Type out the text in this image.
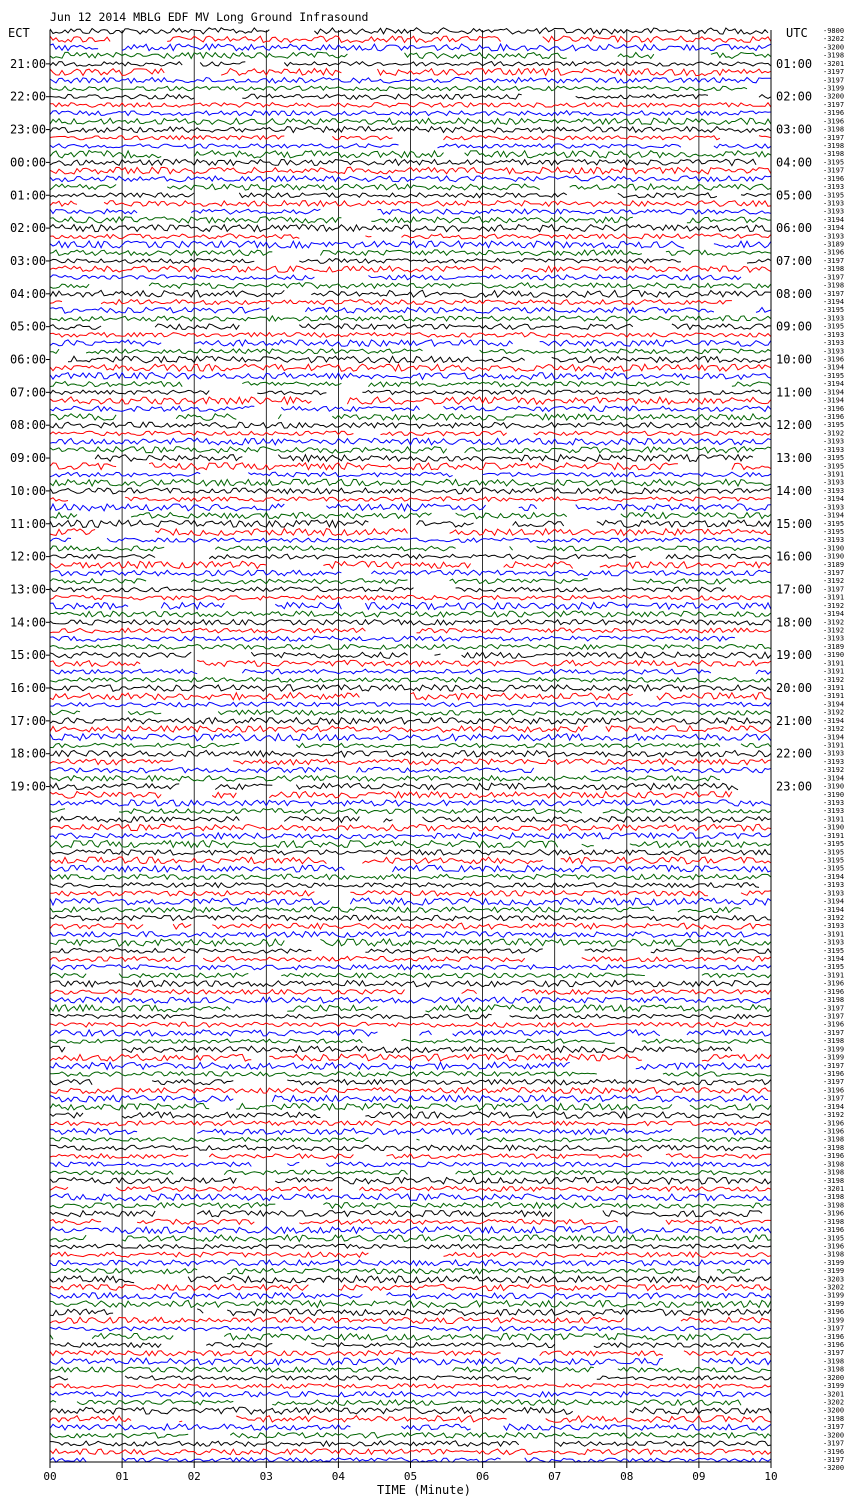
Jun 12 2014 MBLG EDF MV Long Ground Infrasound
ECT	UTC
TIME (Minute)
00	01	02	03	04	05	06	07	08	09	10
21:00
22:00
23:00
00:00
01:00
02:00
03:00
04:00
05:00
06:00
07:00
08:00
09:00
10:00
11:00
12:00
13:00
14:00
15:00
16:00
17:00
18:00
19:00
01:00
02:00
03:00
04:00
05:00
06:00
07:00
08:00
09:00
10:00
11:00
12:00
13:00
14:00
15:00
16:00
17:00
18:00
19:00
20:00
21:00
22:00
23:00
-9800
-3202
-3200
-3198
-3201
-3197
-3197
-3199
-3200
-3197
-3196
-3196
-3198
-3197
-3198
-3198
-3195
-3197
-3196
-3193
-3195
-3193
-3193
-3194
-3194
-3193
-3189
-3196
-3197
-3198
-3197
-3198
-3197
-3194
-3195
-3193
-3195
-3193
-3193
-3193
-3196
-3194
-3195
-3194
-3194
-3194
-3196
-3196
-3195
-3192
-3193
-3193
-3195
-3195
-3191
-3193
-3193
-3194
-3193
-3194
-3195
-3195
-3193
-3190
-3190
-3189
-3197
-3192
-3197
-3191
-3192
-3194
-3192
-3192
-3193
-3189
-3190
-3191
-3191
-3192
-3191
-3191
-3194
-3192
-3194
-3192
-3194
-3191
-3193
-3193
-3192
-3194
-3190
-3190
-3193
-3193
-3191
-3190
-3191
-3195
-3195
-3195
-3195
-3194
-3193
-3193
-3194
-3194
-3192
-3193
-3191
-3193
-3195
-3194
-3195
-3191
-3196
-3196
-3198
-3197
-3197
-3196
-3197
-3198
-3199
-3199
-3197
-3196
-3197
-3196
-3197
-3194
-3192
-3196
-3196
-3198
-3198
-3196
-3198
-3198
-3198
-3201
-3198
-3198
-3196
-3198
-3196
-3195
-3196
-3198
-3199
-3199
-3203
-3202
-3199
-3199
-3196
-3199
-3197
-3196
-3196
-3197
-3198
-3198
-3200
-3199
-3201
-3202
-3200
-3198
-3197
-3200
-3197
-3196
-3197
-3200
